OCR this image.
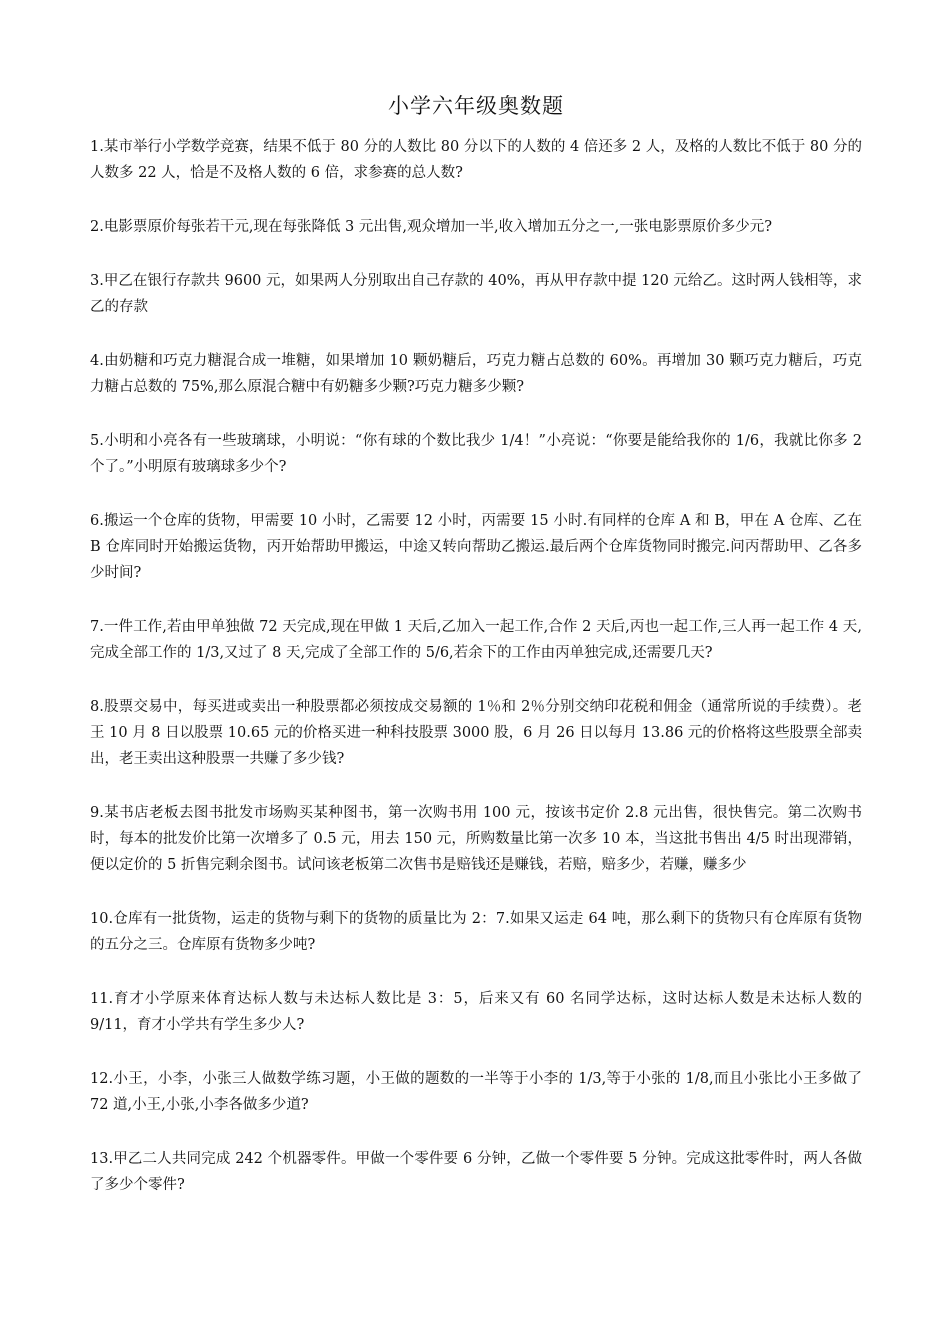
小学六年级奥数题

1.某市举行小学数学竞赛，结果不低于 80 分的人数比 80 分以下的人数的 4 倍还多 2 人，及格的人数比不低于 80 分的人数多 22 人，恰是不及格人数的 6 倍，求参赛的总人数?

2.电影票原价每张若干元,现在每张降低 3 元出售,观众增加一半,收入增加五分之一,一张电影票原价多少元?

3.甲乙在银行存款共 9600 元，如果两人分别取出自己存款的 40%，再从甲存款中提 120 元给乙。这时两人钱相等，求 乙的存款

4.由奶糖和巧克力糖混合成一堆糖，如果增加 10 颗奶糖后，巧克力糖占总数的 60%。再增加 30 颗巧克力糖后，巧克力糖占总数的 75%,那么原混合糖中有奶糖多少颗?巧克力糖多少颗?

5.小明和小亮各有一些玻璃球，小明说：“你有球的个数比我少 1/4！”小亮说：“你要是能给我你的 1/6，我就比你多 2 个了。”小明原有玻璃球多少个?

6.搬运一个仓库的货物，甲需要 10 小时，乙需要 12 小时，丙需要 15 小时.有同样的仓库 A 和 B，甲在 A 仓库、乙在 B 仓库同时开始搬运货物，丙开始帮助甲搬运，中途又转向帮助乙搬运.最后两个仓库货物同时搬完.问丙帮助甲、乙各多少时间?

7.一件工作,若由甲单独做 72 天完成,现在甲做 1 天后,乙加入一起工作,合作 2 天后,丙也一起工作,三人再一起工作 4 天,完成全部工作的 1/3,又过了 8 天,完成了全部工作的 5/6,若余下的工作由丙单独完成,还需要几天?

8.股票交易中，每买进或卖出一种股票都必须按成交易额的 1％和 2％分别交纳印花税和佣金（通常所说的手续费）。老王 10 月 8 日以股票 10.65 元的价格买进一种科技股票 3000 股，6 月 26 日以每月 13.86 元的价格将这些股票全部卖出，老王卖出这种股票一共赚了多少钱?

9.某书店老板去图书批发市场购买某种图书，第一次购书用 100 元，按该书定价 2.8 元出售，很快售完。第二次购书时，每本的批发价比第一次增多了 0.5 元，用去 150 元，所购数量比第一次多 10 本，当这批书售出 4/5 时出现滞销，便以定价的 5 折售完剩余图书。试问该老板第二次售书是赔钱还是赚钱，若赔，赔多少，若赚，赚多少

10.仓库有一批货物，运走的货物与剩下的货物的质量比为 2：7.如果又运走 64 吨，那么剩下的货物只有仓库原有货物的五分之三。仓库原有货物多少吨?

11.育才小学原来体育达标人数与未达标人数比是 3：5，后来又有 60 名同学达标，这时达标人数是未达标人数的 9/11，育才小学共有学生多少人?

12.小王，小李，小张三人做数学练习题，小王做的题数的一半等于小李的 1/3,等于小张的 1/8,而且小张比小王多做了 72 道,小王,小张,小李各做多少道?

13.甲乙二人共同完成 242 个机器零件。甲做一个零件要 6 分钟，乙做一个零件要 5 分钟。完成这批零件时，两人各做了多少个零件?
